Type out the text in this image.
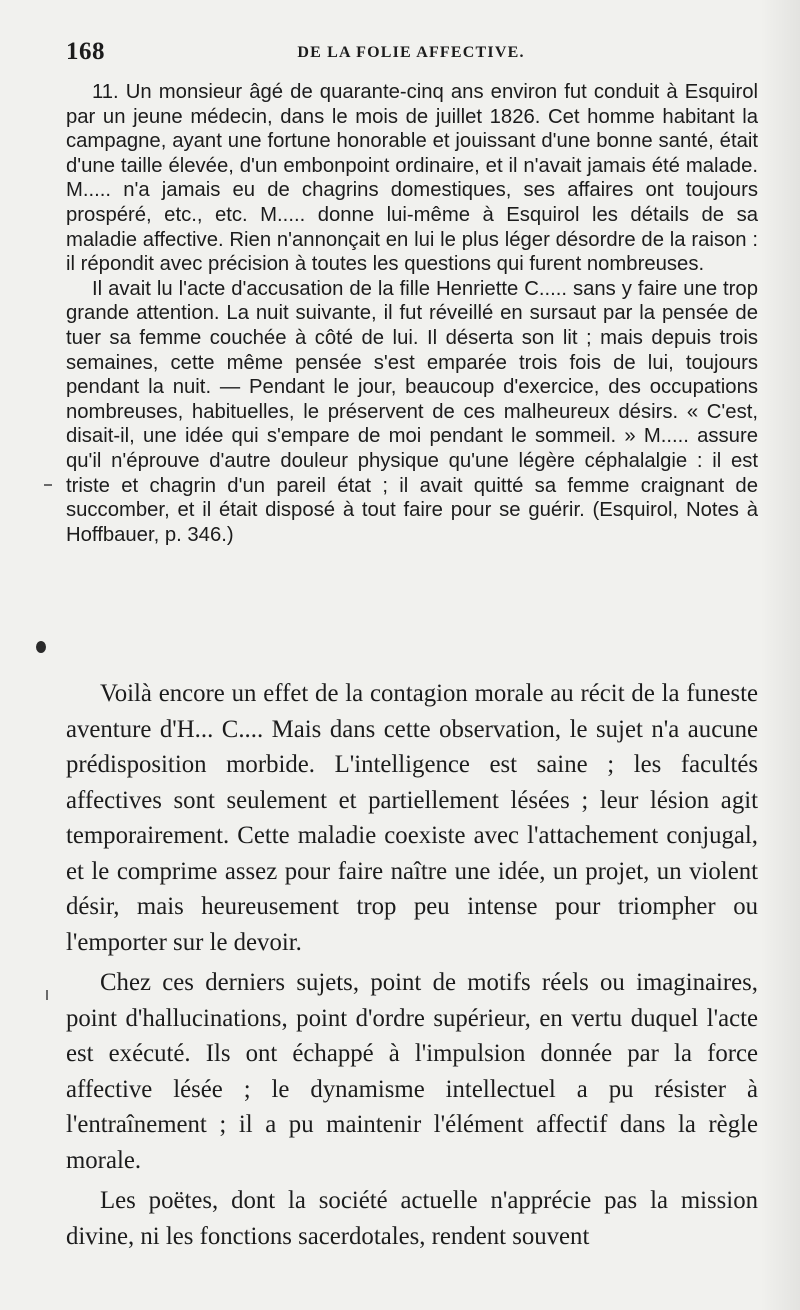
168	DE LA FOLIE AFFECTIVE.

11. Un monsieur âgé de quarante-cinq ans environ fut conduit à Esquirol par un jeune médecin, dans le mois de juillet 1826. Cet homme habitant la campagne, ayant une fortune honorable et jouissant d'une bonne santé, était d'une taille élevée, d'un embonpoint ordinaire, et il n'avait jamais été malade. M..... n'a jamais eu de chagrins domestiques, ses affaires ont toujours prospéré, etc., etc. M..... donne lui-même à Esquirol les détails de sa maladie affective. Rien n'annonçait en lui le plus léger désordre de la raison : il répondit avec précision à toutes les questions qui furent nombreuses.

Il avait lu l'acte d'accusation de la fille Henriette C..... sans y faire une trop grande attention. La nuit suivante, il fut réveillé en sursaut par la pensée de tuer sa femme couchée à côté de lui. Il déserta son lit ; mais depuis trois semaines, cette même pensée s'est emparée trois fois de lui, toujours pendant la nuit. — Pendant le jour, beaucoup d'exercice, des occupations nombreuses, habituelles, le préservent de ces malheureux désirs. « C'est, disait-il, une idée qui s'empare de moi pendant le sommeil. » M..... assure qu'il n'éprouve d'autre douleur physique qu'une légère céphalalgie : il est triste et chagrin d'un pareil état ; il avait quitté sa femme craignant de succomber, et il était disposé à tout faire pour se guérir. (Esquirol, Notes à Hoffbauer, p. 346.)

Voilà encore un effet de la contagion morale au récit de la funeste aventure d'H... C.... Mais dans cette observation, le sujet n'a aucune prédisposition morbide. L'intelligence est saine ; les facultés affectives sont seulement et partiellement lésées ; leur lésion agit temporairement. Cette maladie coexiste avec l'attachement conjugal, et le comprime assez pour faire naître une idée, un projet, un violent désir, mais heureusement trop peu intense pour triompher ou l'emporter sur le devoir.

Chez ces derniers sujets, point de motifs réels ou imaginaires, point d'hallucinations, point d'ordre supérieur, en vertu duquel l'acte est exécuté. Ils ont échappé à l'impulsion donnée par la force affective lésée ; le dynamisme intellectuel a pu résister à l'entraînement ; il a pu maintenir l'élément affectif dans la règle morale.

Les poëtes, dont la société actuelle n'apprécie pas la mission divine, ni les fonctions sacerdotales, rendent souvent
